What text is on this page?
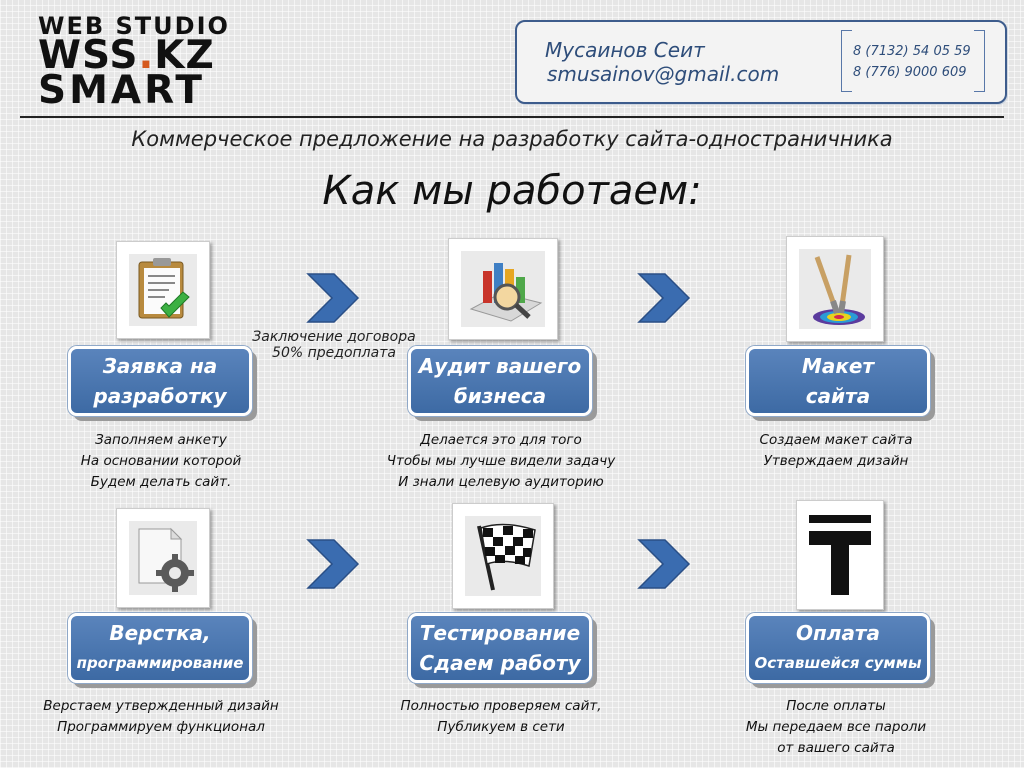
WEB STUDIO
WSS.KZ
SMART
Мусаинов Сеит
smusainov@gmail.com
8 (7132) 54 05 59
8 (776) 9000 609
Коммерческое предложение на разработку сайта-одностраничника
Как мы работаем:
Заключение договора
50% предоплата
Заявка на
разработку
Аудит вашего
бизнеса
Макет
сайта
Заполняем анкету
На основании которой
Будем делать сайт.
Делается это для того
Чтобы мы лучше видели задачу
И знали целевую аудиторию
Создаем макет сайта
Утверждаем дизайн
Верстка,
программирование
Тестирование
Сдаем работу
Оплата
Оставшейся суммы
Верстаем утвержденный дизайн
Программируем функционал
Полностью проверяем сайт,
Публикуем в сети
После оплаты
Мы передаем все пароли
от вашего сайта
